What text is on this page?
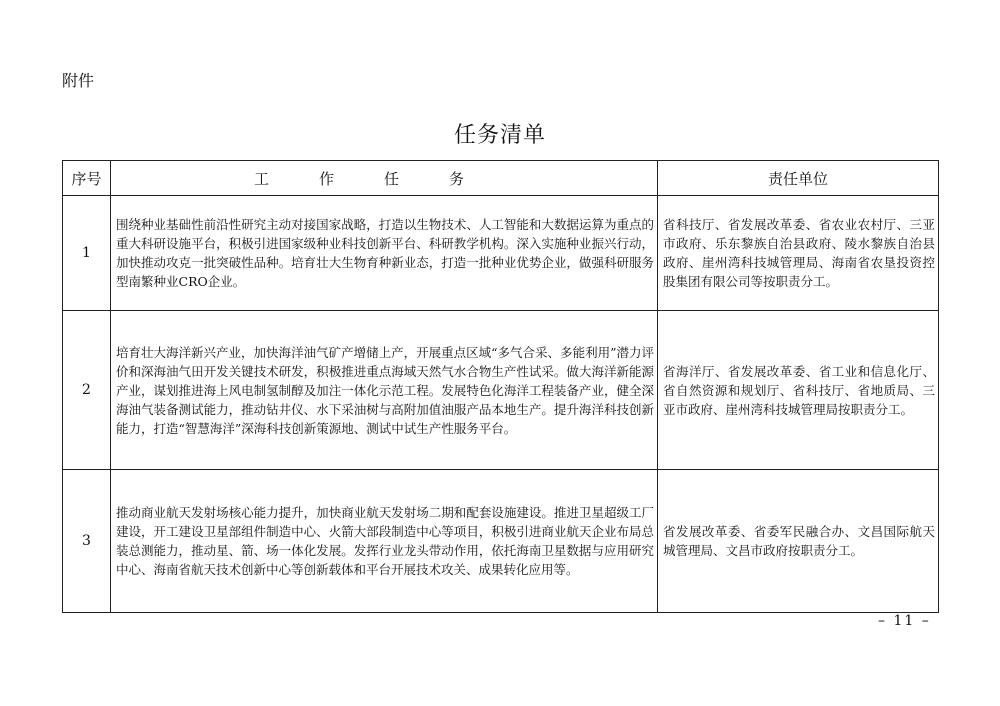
附件
任务清单
序号	工作任务	责任单位
1	围绕种业基础性前沿性研究主动对接国家战略，打造以生物技术、人工智能和大数据运算为重点的重大科研设施平台，积极引进国家级种业科技创新平台、科研教学机构。深入实施种业振兴行动，加快推动攻克一批突破性品种。培育壮大生物育种新业态，打造一批种业优势企业，做强科研服务型南繁种业CRO企业。	省科技厅、省发展改革委、省农业农村厅、三亚市政府、乐东黎族自治县政府、陵水黎族自治县政府、崖州湾科技城管理局、海南省农垦投资控股集团有限公司等按职责分工。
2	培育壮大海洋新兴产业，加快海洋油气矿产增储上产，开展重点区域“多气合采、多能利用”潜力评价和深海油气田开发关键技术研发，积极推进重点海域天然气水合物生产性试采。做大海洋新能源产业，谋划推进海上风电制氢制醇及加注一体化示范工程。发展特色化海洋工程装备产业，健全深海油气装备测试能力，推动钻井仪、水下采油树与高附加值油服产品本地生产。提升海洋科技创新能力，打造“智慧海洋”深海科技创新策源地、测试中试生产性服务平台。	省海洋厅、省发展改革委、省工业和信息化厅、省自然资源和规划厅、省科技厅、省地质局、三亚市政府、崖州湾科技城管理局按职责分工。
3	推动商业航天发射场核心能力提升，加快商业航天发射场二期和配套设施建设。推进卫星超级工厂建设，开工建设卫星部组件制造中心、火箭大部段制造中心等项目，积极引进商业航天企业布局总装总测能力，推动星、箭、场一体化发展。发挥行业龙头带动作用，依托海南卫星数据与应用研究中心、海南省航天技术创新中心等创新载体和平台开展技术攻关、成果转化应用等。	省发展改革委、省委军民融合办、文昌国际航天城管理局、文昌市政府按职责分工。
– 11 –
